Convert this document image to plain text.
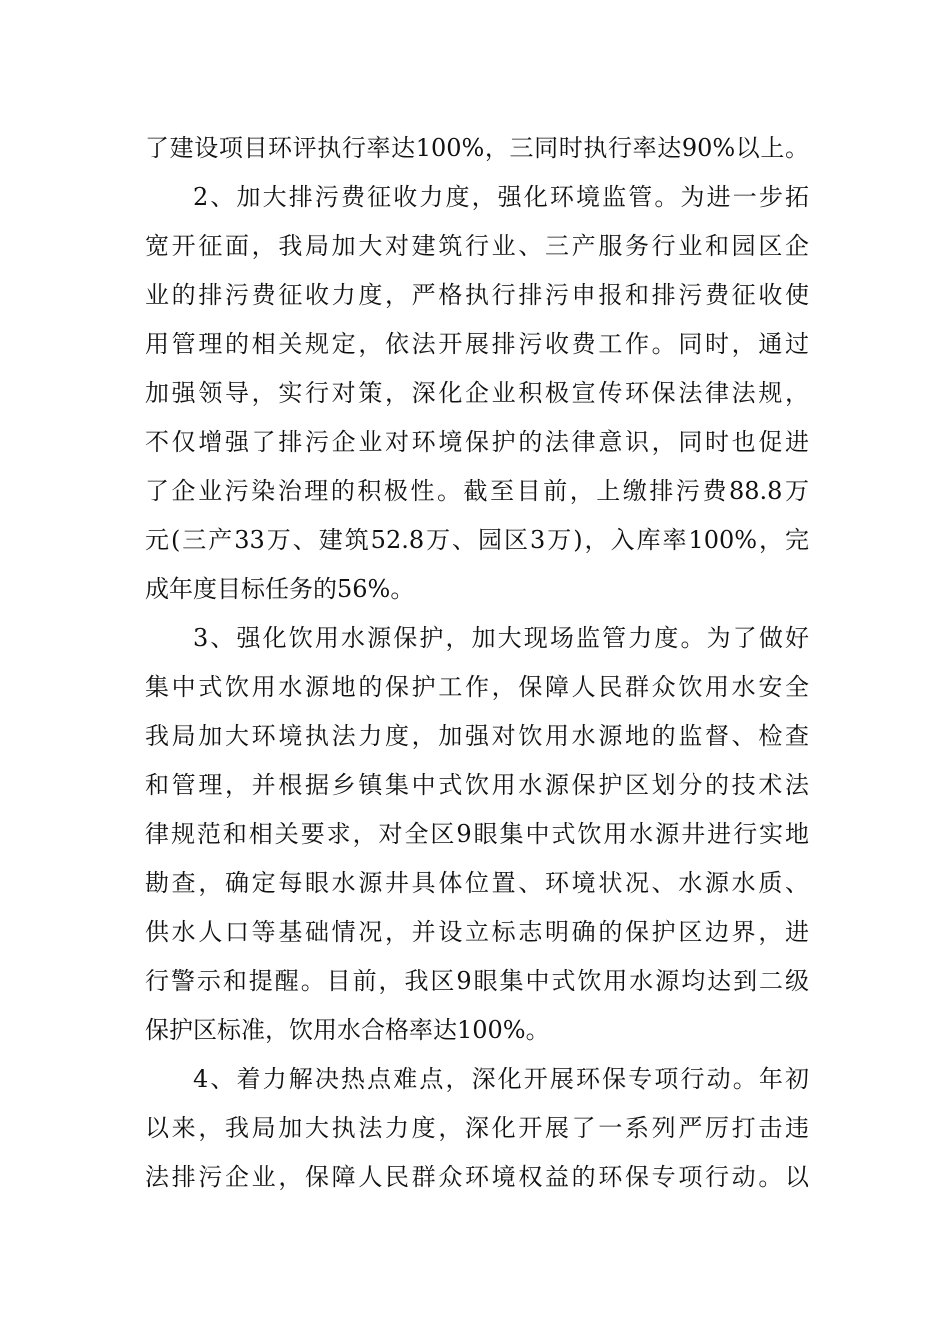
了建设项目环评执行率达100%，三同时执行率达90%以上。
2、加大排污费征收力度，强化环境监管。为进一步拓
宽开征面，我局加大对建筑行业、三产服务行业和园区企
业的排污费征收力度，严格执行排污申报和排污费征收使
用管理的相关规定，依法开展排污收费工作。同时，通过
加强领导，实行对策，深化企业积极宣传环保法律法规，
不仅增强了排污企业对环境保护的法律意识，同时也促进
了企业污染治理的积极性。截至目前，上缴排污费88.8万
元(三产33万、建筑52.8万、园区3万)，入库率100%，完
成年度目标任务的56%。
3、强化饮用水源保护，加大现场监管力度。为了做好
集中式饮用水源地的保护工作，保障人民群众饮用水安全
我局加大环境执法力度，加强对饮用水源地的监督、检查
和管理，并根据乡镇集中式饮用水源保护区划分的技术法
律规范和相关要求，对全区9眼集中式饮用水源井进行实地
勘查，确定每眼水源井具体位置、环境状况、水源水质、
供水人口等基础情况，并设立标志明确的保护区边界，进
行警示和提醒。目前，我区9眼集中式饮用水源均达到二级
保护区标准，饮用水合格率达100%。
4、着力解决热点难点，深化开展环保专项行动。年初
以来，我局加大执法力度，深化开展了一系列严厉打击违
法排污企业，保障人民群众环境权益的环保专项行动。以
